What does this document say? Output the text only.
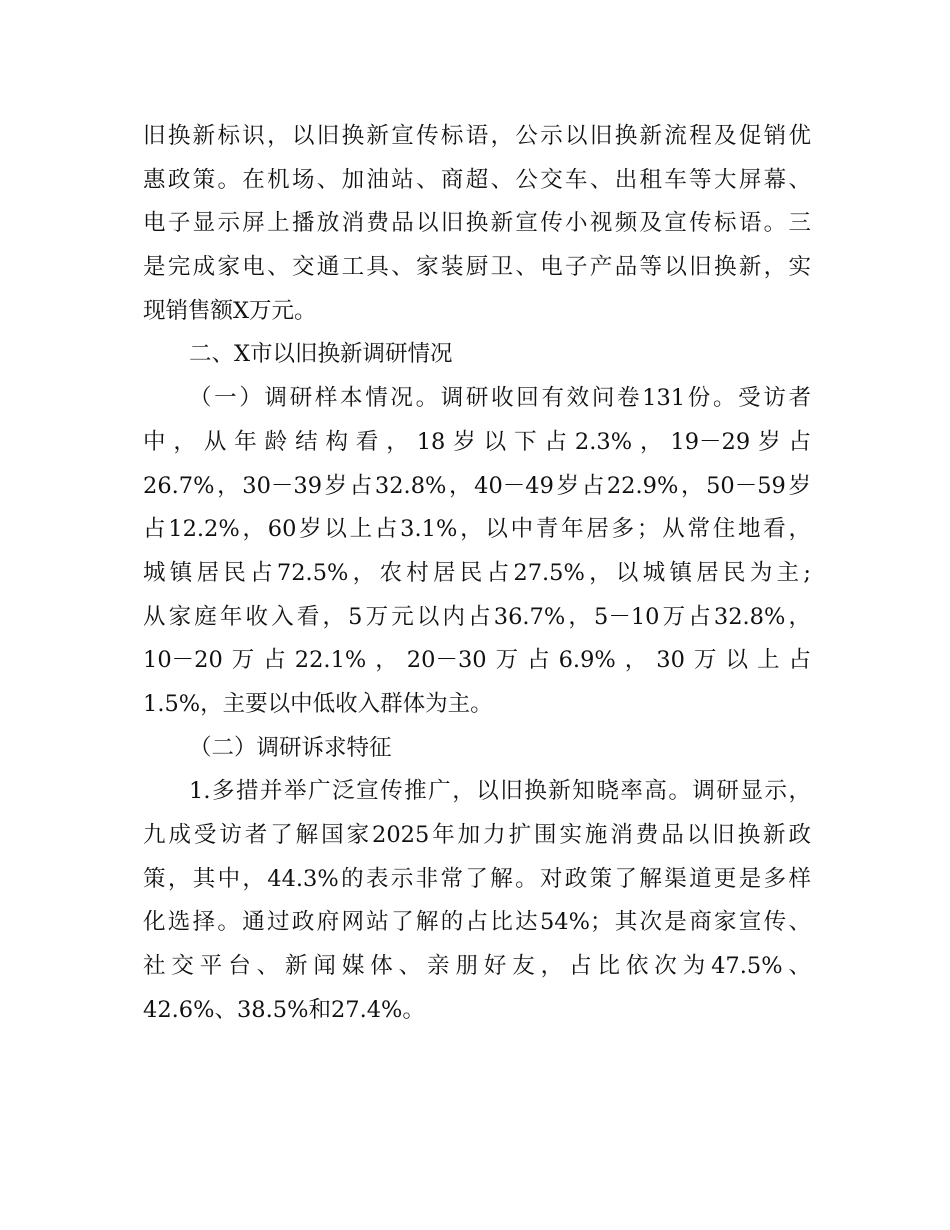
旧换新标识，以旧换新宣传标语，公示以旧换新流程及促销优
惠政策。在机场、加油站、商超、公交车、出租车等大屏幕、
电子显示屏上播放消费品以旧换新宣传小视频及宣传标语。三
是完成家电、交通工具、家装厨卫、电子产品等以旧换新，实
现销售额X万元。
二、X市以旧换新调研情况
（一）调研样本情况。调研收回有效问卷131份。受访者
中，从年龄结构看，18岁以下占2.3%，19－29岁占
26.7%，30－39岁占32.8%，40－49岁占22.9%，50－59岁
占12.2%，60岁以上占3.1%，以中青年居多；从常住地看，
城镇居民占72.5%，农村居民占27.5%，以城镇居民为主;
从家庭年收入看，5万元以内占36.7%，5－10万占32.8%，
10－20万占22.1%，20－30万占6.9%，30万以上占
1.5%，主要以中低收入群体为主。
（二）调研诉求特征
1.多措并举广泛宣传推广，以旧换新知晓率高。调研显示，
九成受访者了解国家2025年加力扩围实施消费品以旧换新政
策，其中，44.3%的表示非常了解。对政策了解渠道更是多样
化选择。通过政府网站了解的占比达54%；其次是商家宣传、
社交平台、新闻媒体、亲朋好友，占比依次为47.5%、
42.6%、38.5%和27.4%。
